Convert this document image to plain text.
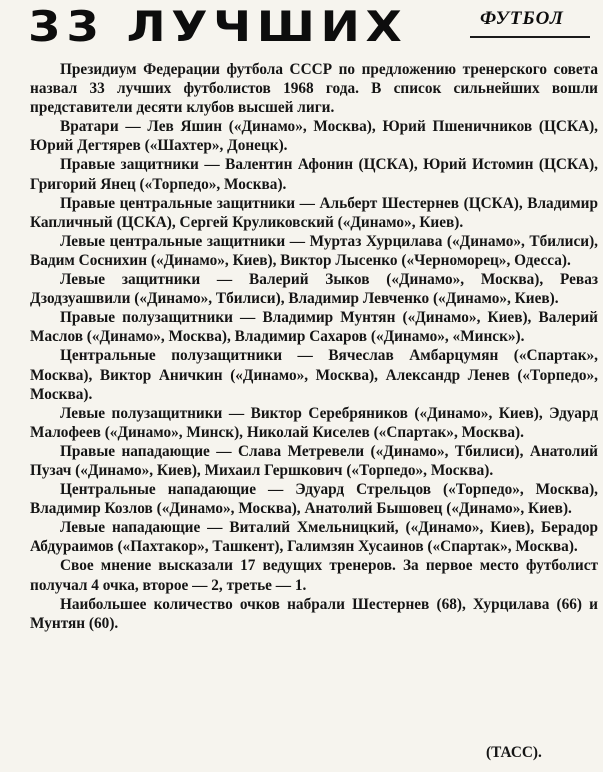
33 ЛУЧШИХ	ФУТБОЛ

Президиум Федерации футбола СССР по предложению тренерского совета назвал 33 лучших футболистов 1968 года. В список сильнейших вошли представители десяти клубов высшей лиги.

Вратари — Лев Яшин («Динамо», Москва), Юрий Пшеничников (ЦСКА), Юрий Дегтярев («Шахтер», Донецк).

Правые защитники — Валентин Афонин (ЦСКА), Юрий Истомин (ЦСКА), Григорий Янец («Торпедо», Москва).

Правые центральные защитники — Альберт Шестернев (ЦСКА), Владимир Капличный (ЦСКА), Сергей Круликовский («Динамо», Киев).

Левые центральные защитники — Муртаз Хурцилава («Динамо», Тбилиси), Вадим Соснихин («Динамо», Киев), Виктор Лысенко («Черноморец», Одесса).

Левые защитники — Валерий Зыков («Динамо», Москва), Реваз Дзодзуашвили («Динамо», Тбилиси), Владимир Левченко («Динамо», Киев).

Правые полузащитники — Владимир Мунтян («Динамо», Киев), Валерий Маслов («Динамо», Москва), Владимир Сахаров («Динамо», «Минск»).

Центральные полузащитники — Вячеслав Амбарцумян («Спартак», Москва), Виктор Аничкин («Динамо», Москва), Александр Ленев («Торпедо», Москва).

Левые полузащитники — Виктор Серебряников («Динамо», Киев), Эдуард Малофеев («Динамо», Минск), Николай Киселев («Спартак», Москва).

Правые нападающие — Слава Метревели («Динамо», Тбилиси), Анатолий Пузач («Динамо», Киев), Михаил Гершкович («Торпедо», Москва).

Центральные нападающие — Эдуард Стрельцов («Торпедо», Москва), Владимир Козлов («Динамо», Москва), Анатолий Бышовец («Динамо», Киев).

Левые нападающие — Виталий Хмельницкий, («Динамо», Киев), Берадор Абдураимов («Пахтакор», Ташкент), Галимзян Хусаинов («Спартак», Москва).

Свое мнение высказали 17 ведущих тренеров. За первое место футболист получал 4 очка, второе — 2, третье — 1.

Наибольшее количество очков набрали Шестернев (68), Хурцилава (66) и Мунтян (60).

(ТАСС).
